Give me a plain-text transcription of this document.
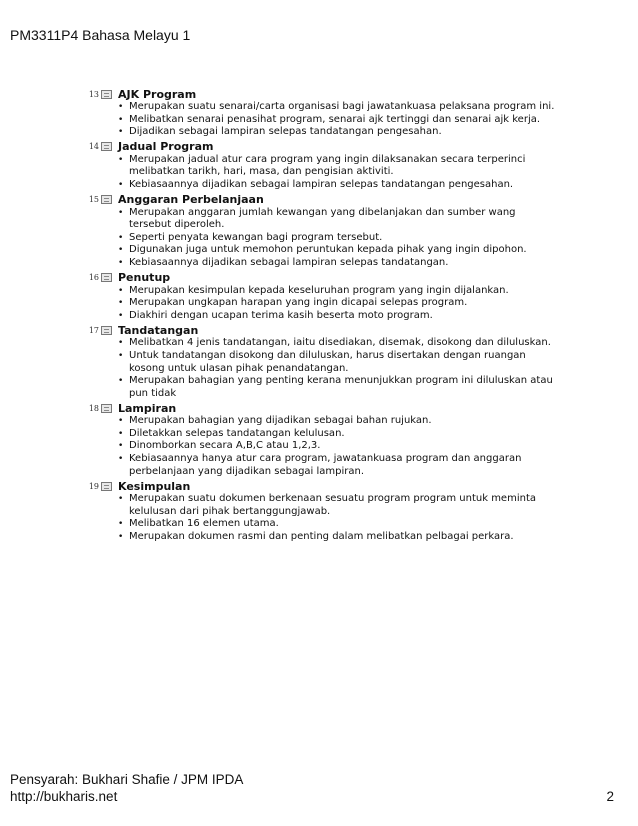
PM3311P4 Bahasa Melayu 1
13 AJK Program
• Merupakan suatu senarai/carta organisasi bagi jawatankuasa pelaksana program ini.
• Melibatkan senarai penasihat program, senarai ajk tertinggi dan senarai ajk kerja.
• Dijadikan sebagai lampiran selepas tandatangan pengesahan.
14 Jadual Program
• Merupakan jadual atur cara program yang ingin dilaksanakan secara terperinci melibatkan tarikh, hari, masa, dan pengisian aktiviti.
• Kebiasaannya dijadikan sebagai lampiran selepas tandatangan pengesahan.
15 Anggaran Perbelanjaan
• Merupakan anggaran jumlah kewangan yang dibelanjakan dan sumber wang tersebut diperoleh.
• Seperti penyata kewangan bagi program tersebut.
• Digunakan juga untuk memohon peruntukan kepada pihak yang ingin dipohon.
• Kebiasaannya dijadikan sebagai lampiran selepas tandatangan.
16 Penutup
• Merupakan kesimpulan kepada keseluruhan program yang ingin dijalankan.
• Merupakan ungkapan harapan yang ingin dicapai selepas program.
• Diakhiri dengan ucapan terima kasih beserta moto program.
17 Tandatangan
• Melibatkan 4 jenis tandatangan, iaitu disediakan, disemak, disokong dan diluluskan.
• Untuk tandatangan disokong dan diluluskan, harus disertakan dengan ruangan kosong untuk ulasan pihak penandatangan.
• Merupakan bahagian yang penting kerana menunjukkan program ini diluluskan atau pun tidak
18 Lampiran
• Merupakan bahagian yang dijadikan sebagai bahan rujukan.
• Diletakkan selepas tandatangan kelulusan.
• Dinomborkan secara A,B,C atau 1,2,3.
• Kebiasaannya hanya atur cara program, jawatankuasa program dan anggaran perbelanjaan yang dijadikan sebagai lampiran.
19 Kesimpulan
• Merupakan suatu dokumen berkenaan sesuatu program program untuk meminta kelulusan dari pihak bertanggungjawab.
• Melibatkan 16 elemen utama.
• Merupakan dokumen rasmi dan penting dalam melibatkan pelbagai perkara.
Pensyarah: Bukhari Shafie / JPM IPDA
http://bukharis.net	2
